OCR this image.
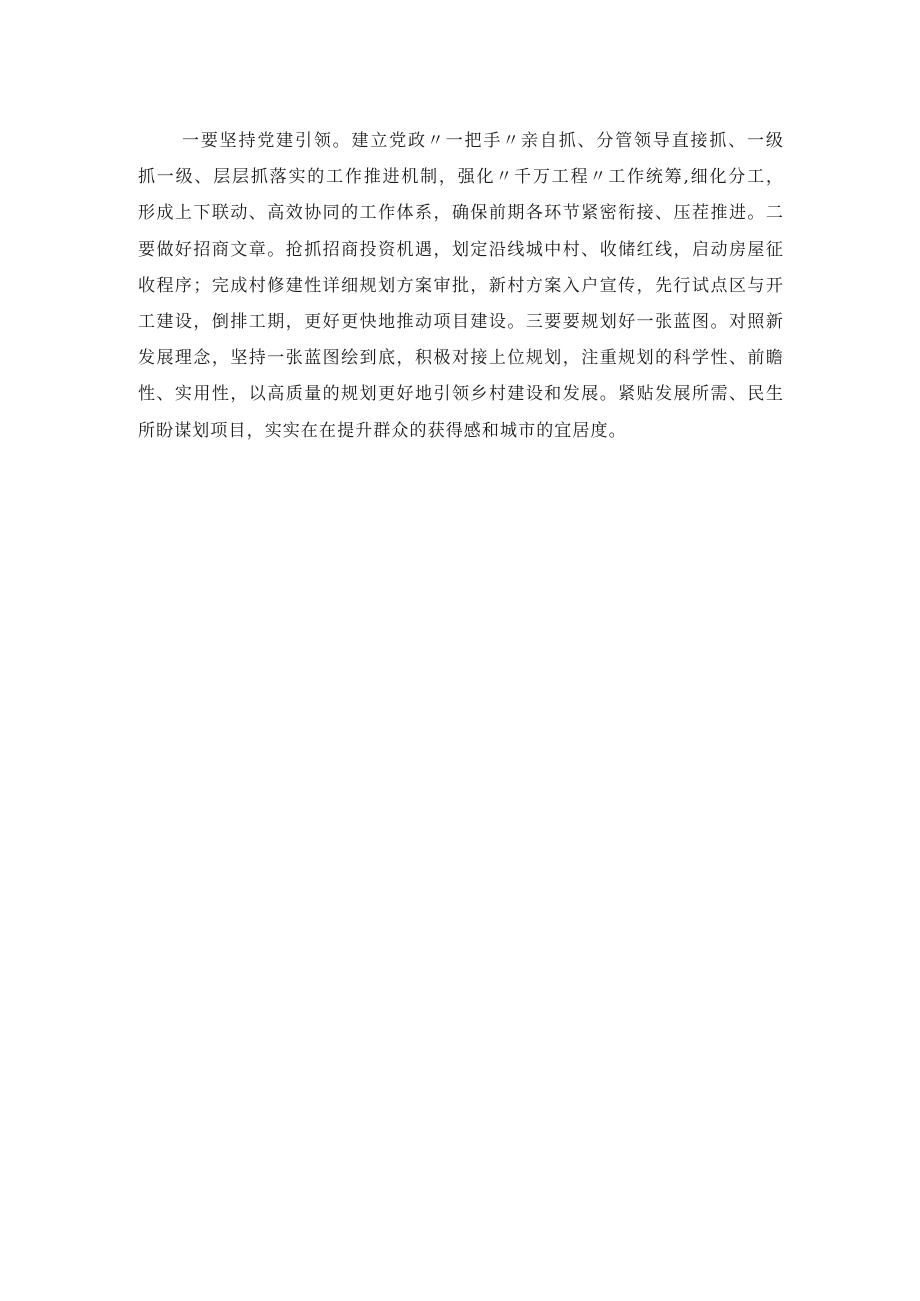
一要坚持党建引领。建立党政〃一把手〃亲自抓、分管领导直接抓、一级
抓一级、层层抓落实的工作推进机制，强化〃千万工程〃工作统筹,细化分工，
形成上下联动、高效协同的工作体系，确保前期各环节紧密衔接、压茬推进。二
要做好招商文章。抢抓招商投资机遇，划定沿线城中村、收储红线，启动房屋征
收程序；完成村修建性详细规划方案审批，新村方案入户宣传，先行试点区与开
工建设，倒排工期，更好更快地推动项目建设。三要要规划好一张蓝图。对照新
发展理念，坚持一张蓝图绘到底，积极对接上位规划，注重规划的科学性、前瞻
性、实用性，以高质量的规划更好地引领乡村建设和发展。紧贴发展所需、民生
所盼谋划项目，实实在在提升群众的获得感和城市的宜居度。
